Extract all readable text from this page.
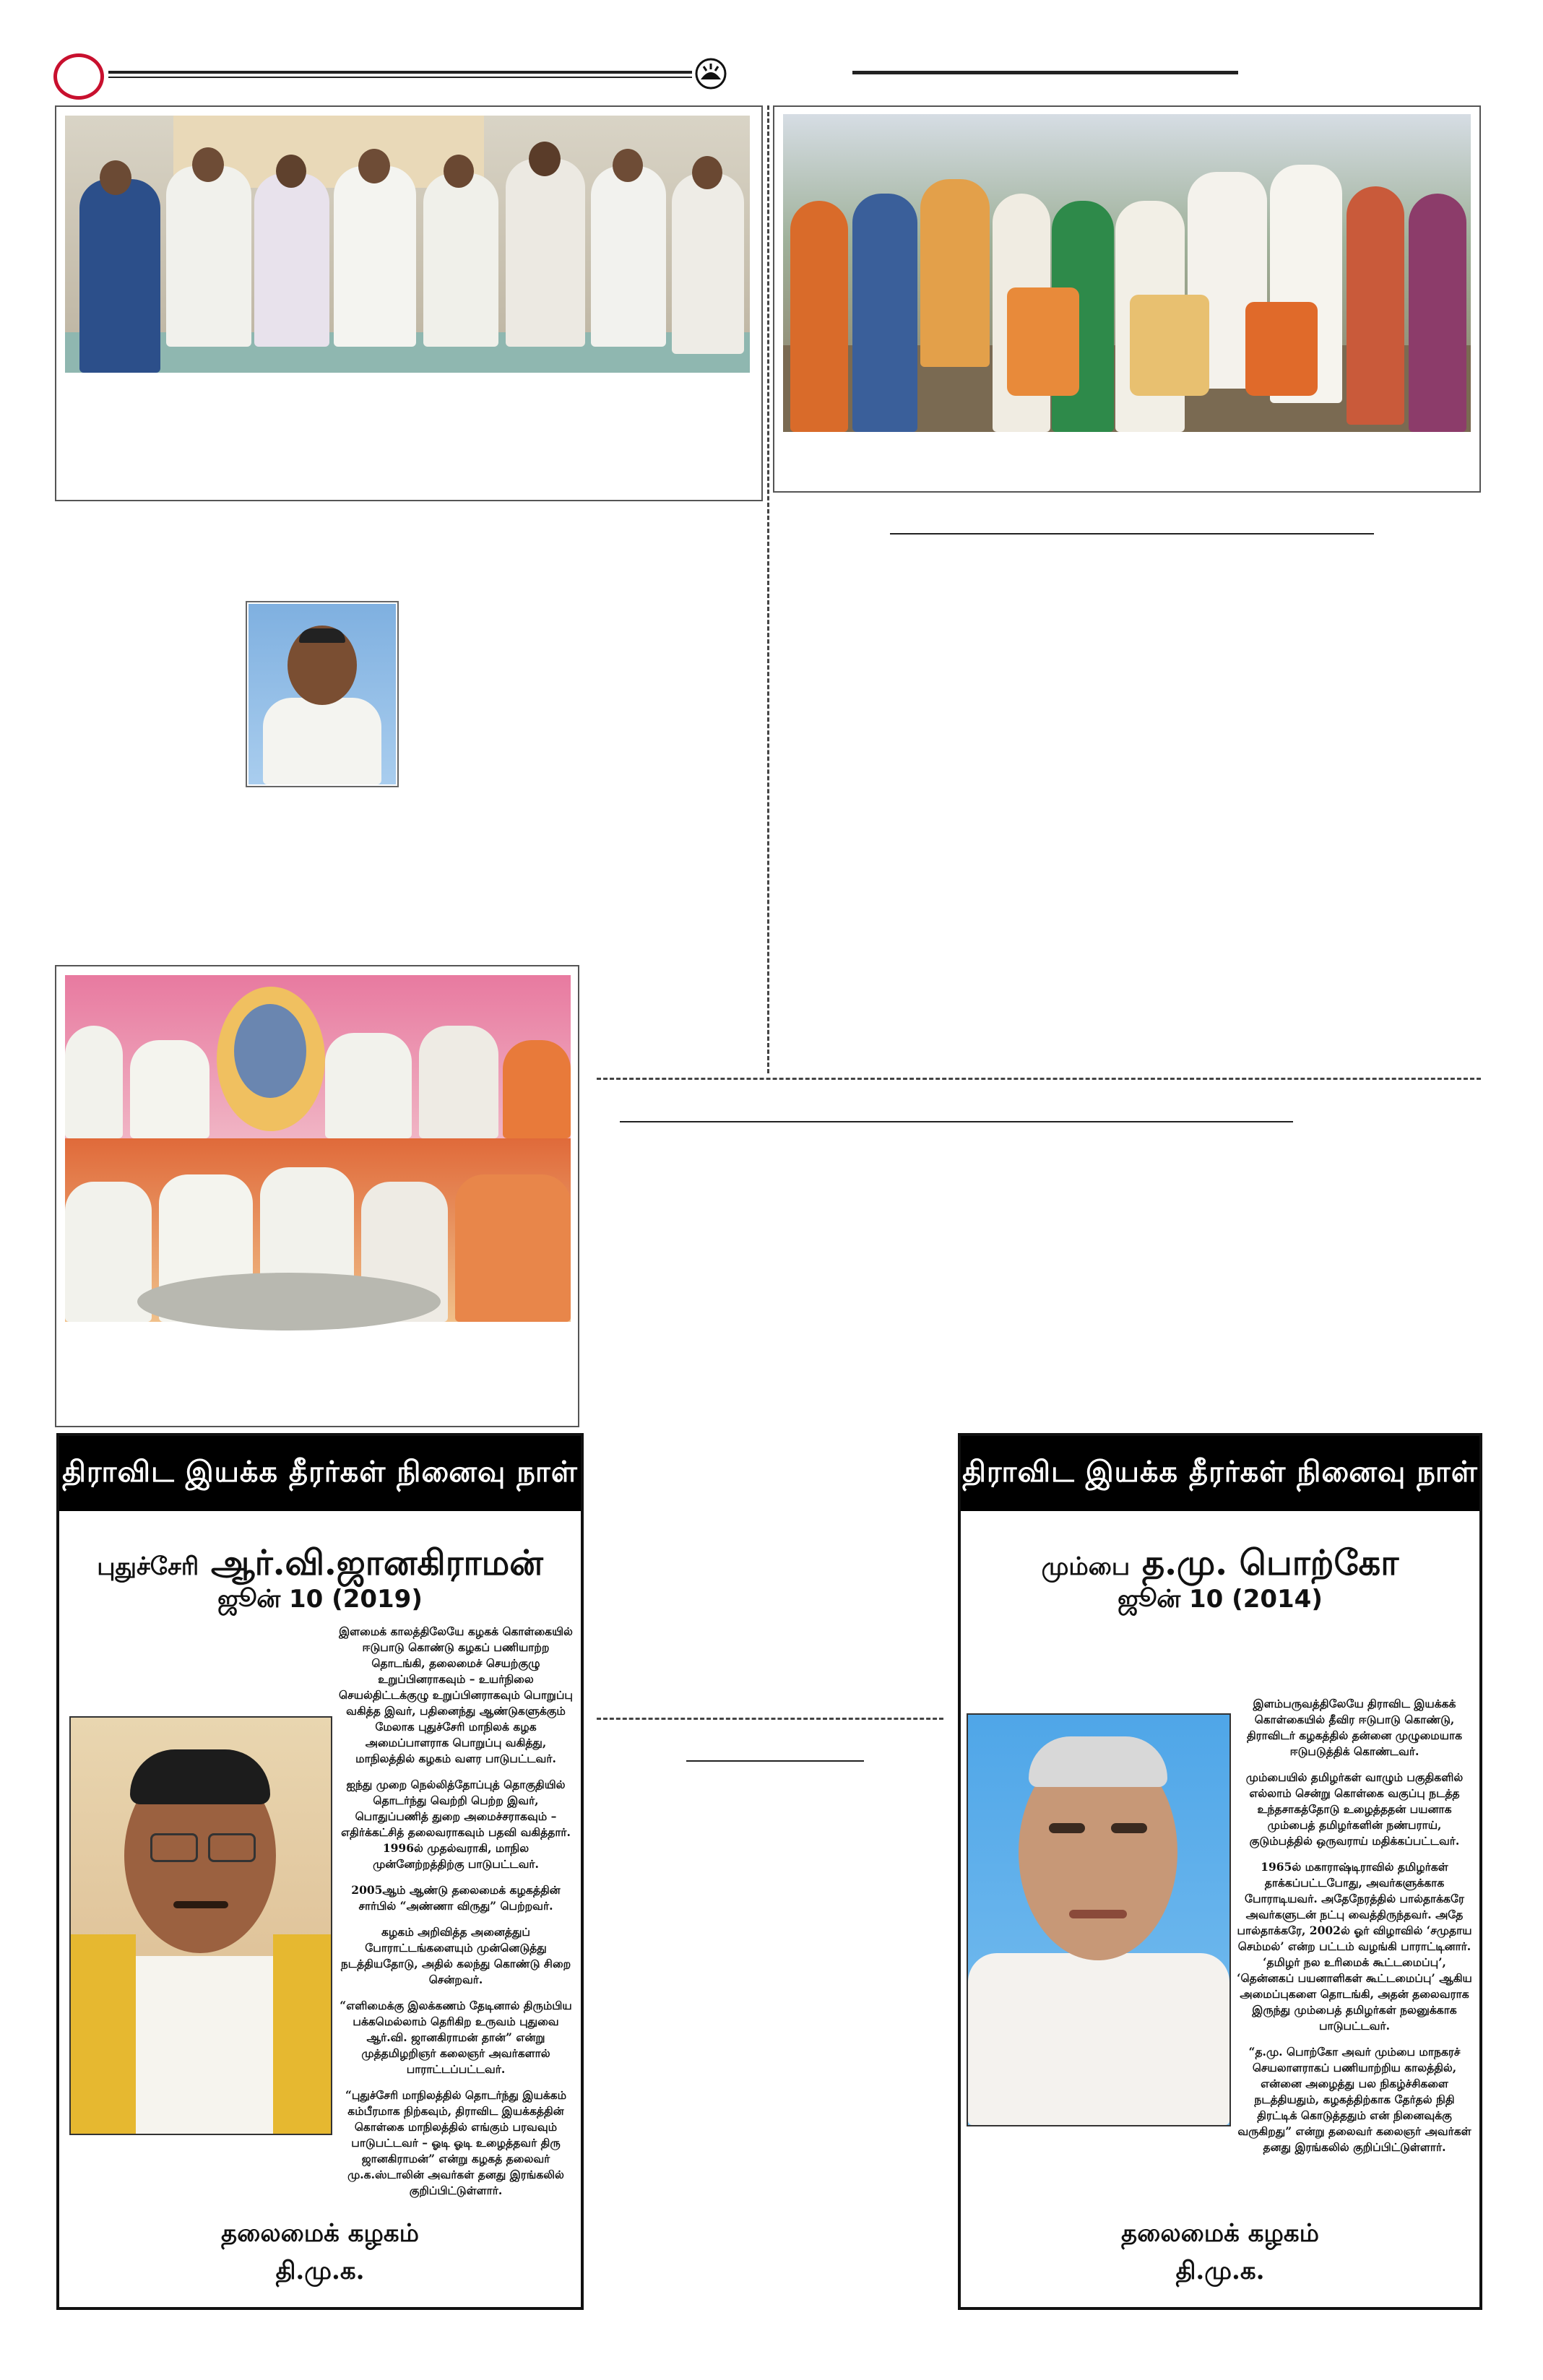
திராவிட இயக்க தீரர்கள் நினைவு நாள்
புதுச்சேரி ஆர்.வி.ஜானகிராமன்
ஜூன் 10 (2019)

இளமைக் காலத்திலேயே கழகக் கொள்கையில் ஈடுபாடு கொண்டு கழகப் பணியாற்ற தொடங்கி, தலைமைச் செயற்குழு உறுப்பினராகவும் – உயர்நிலை செயல்திட்டக்குழு உறுப்பினராகவும் பொறுப்பு வகித்த இவர், பதினைந்து ஆண்டுகளுக்கும் மேலாக புதுச்சேரி மாநிலக் கழக அமைப்பாளராக பொறுப்பு வகித்து, மாநிலத்தில் கழகம் வளர பாடுபட்டவர்.

ஐந்து முறை நெல்லித்தோப்புத் தொகுதியில் தொடர்ந்து வெற்றி பெற்ற இவர், பொதுப்பணித் துறை அமைச்சராகவும் – எதிர்க்கட்சித் தலைவராகவும் பதவி வகித்தார். 1996ல் முதல்வராகி, மாநில முன்னேற்றத்திற்கு பாடுபட்டவர்.

2005ஆம் ஆண்டு தலைமைக் கழகத்தின் சார்பில் “அண்ணா விருது” பெற்றவர்.

கழகம் அறிவித்த அனைத்துப் போராட்டங்களையும் முன்னெடுத்து நடத்தியதோடு, அதில் கலந்து கொண்டு சிறை சென்றவர்.

“எளிமைக்கு இலக்கணம் தேடினால் திரும்பிய பக்கமெல்லாம் தெரிகிற உருவம் புதுவை ஆர்.வி. ஜானகிராமன் தான்” என்று முத்தமிழறிஞர் கலைஞர் அவர்களால் பாராட்டப்பட்டவர்.

“புதுச்சேரி மாநிலத்தில் தொடர்ந்து இயக்கம் கம்பீரமாக நிற்கவும், திராவிட இயக்கத்தின் கொள்கை மாநிலத்தில் எங்கும் பரவவும் பாடுபட்டவர் – ஓடி ஓடி உழைத்தவர் திரு ஜானகிராமன்” என்று கழகத் தலைவர் மு.க.ஸ்டாலின் அவர்கள் தனது இரங்கலில் குறிப்பிட்டுள்ளார்.

தலைமைக் கழகம்
தி.மு.க.
திராவிட இயக்க தீரர்கள் நினைவு நாள்
மும்பை த.மு. பொற்கோ
ஜூன் 10 (2014)

இளம்பருவத்திலேயே திராவிட இயக்கக் கொள்கையில் தீவிர ஈடுபாடு கொண்டு, திராவிடர் கழகத்தில் தன்னை முழுமையாக ஈடுபடுத்திக் கொண்டவர்.

மும்பையில் தமிழர்கள் வாழும் பகுதிகளில் எல்லாம் சென்று கொள்கை வகுப்பு நடத்த உந்தசாகத்தோடு உழைத்ததன் பயனாக மும்பைத் தமிழர்களின் நண்பராய், குடும்பத்தில் ஒருவராய் மதிக்கப்பட்டவர்.

1965ல் மகாராஷ்டிராவில் தமிழர்கள் தாக்கப்பட்டபோது, அவர்களுக்காக போராடியவர். அதேநேரத்தில் பால்தாக்கரே அவர்களுடன் நட்பு வைத்திருந்தவர். அதே பால்தாக்கரே, 2002ல் ஓர் விழாவில் ‘சமுதாய செம்மல்’ என்ற பட்டம் வழங்கி பாராட்டினார். ‘தமிழர் நல உரிமைக் கூட்டமைப்பு’, ‘தென்னகப் பயனாளிகள் கூட்டமைப்பு’ ஆகிய அமைப்புகளை தொடங்கி, அதன் தலைவராக இருந்து மும்பைத் தமிழர்கள் நலனுக்காக பாடுபட்டவர்.

“த.மு. பொற்கோ அவர் மும்பை மாநகரச் செயலாளராகப் பணியாற்றிய காலத்தில், என்னை அழைத்து பல நிகழ்ச்சிகளை நடத்தியதும், கழகத்திற்காக தேர்தல் நிதி திரட்டிக் கொடுத்ததும் என் நினைவுக்கு வருகிறது” என்று தலைவர் கலைஞர் அவர்கள் தனது இரங்கலில் குறிப்பிட்டுள்ளார்.

தலைமைக் கழகம்
தி.மு.க.
